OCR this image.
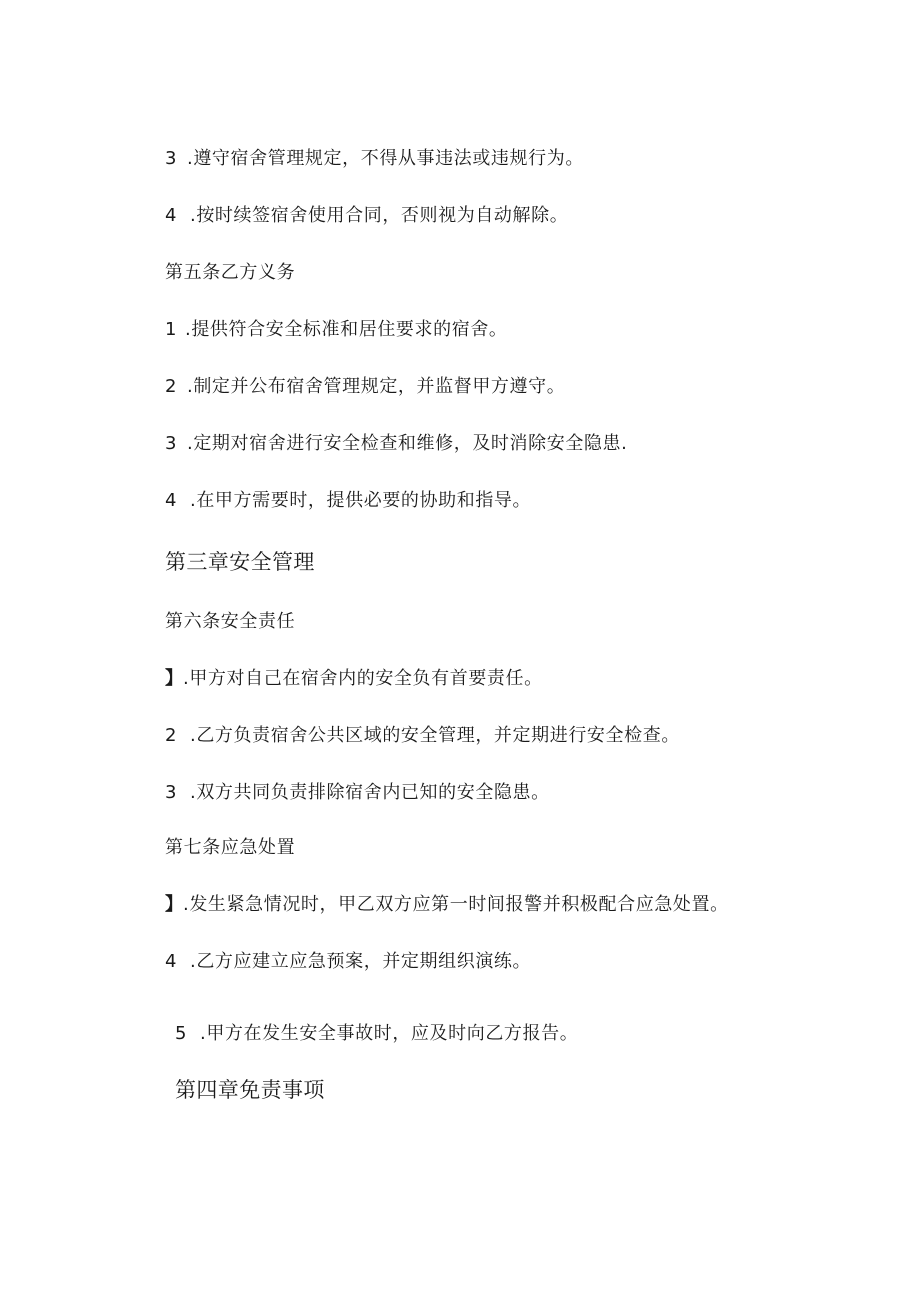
3 .遵守宿舍管理规定，不得从事违法或违规行为。
4 .按时续签宿舍使用合同，否则视为自动解除。
第五条乙方义务
1 .提供符合安全标准和居住要求的宿舍。
2 .制定并公布宿舍管理规定，并监督甲方遵守。
3 .定期对宿舍进行安全检查和维修，及时消除安全隐患.
4 .在甲方需要时，提供必要的协助和指导。
第三章安全管理
第六条安全责任
】.甲方对自己在宿舍内的安全负有首要责任。
2 .乙方负责宿舍公共区域的安全管理，并定期进行安全检查。
3 .双方共同负责排除宿舍内已知的安全隐患。
第七条应急处置
】.发生紧急情况时，甲乙双方应第一时间报警并积极配合应急处置。
4 .乙方应建立应急预案，并定期组织演练。
5 .甲方在发生安全事故时，应及时向乙方报告。
第四章免责事项
